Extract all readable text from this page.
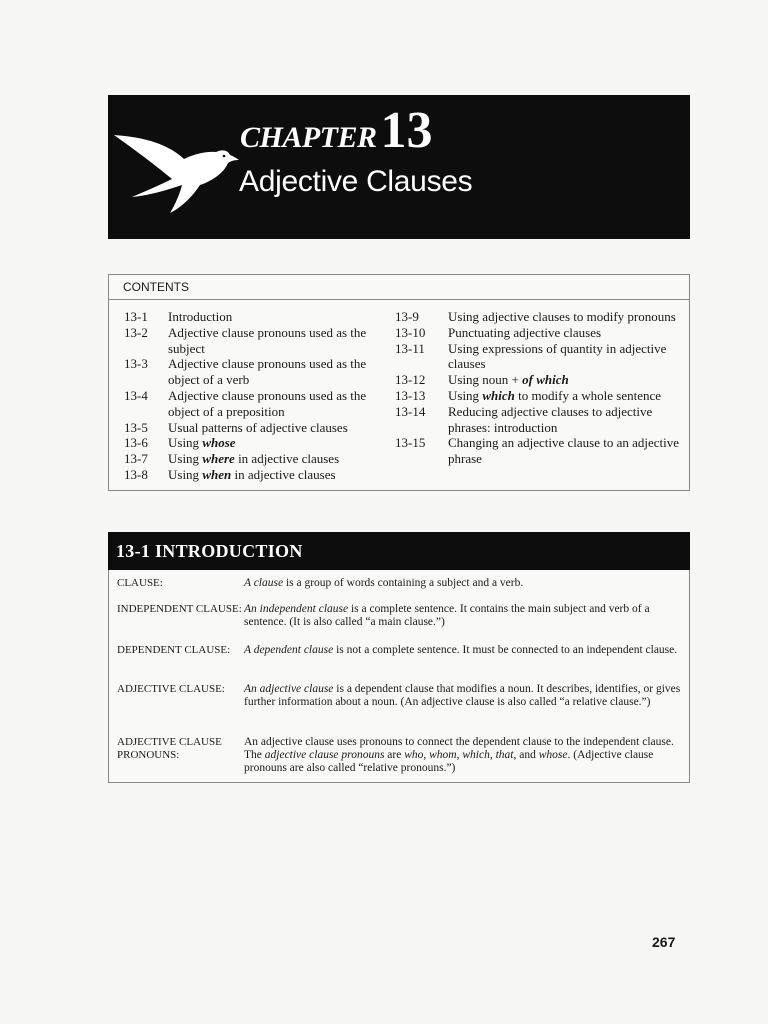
CHAPTER13
Adjective Clauses
CONTENTS
13-1	Introduction
13-2	Adjective clause pronouns used as the subject
13-3	Adjective clause pronouns used as the object of a verb
13-4	Adjective clause pronouns used as the object of a preposition
13-5	Usual patterns of adjective clauses
13-6	Using whose
13-7	Using where in adjective clauses
13-8	Using when in adjective clauses
13-9	Using adjective clauses to modify pronouns
13-10	Punctuating adjective clauses
13-11	Using expressions of quantity in adjective clauses
13-12	Using noun + of which
13-13	Using which to modify a whole sentence
13-14	Reducing adjective clauses to adjective phrases: introduction
13-15	Changing an adjective clause to an adjective phrase
13-1 INTRODUCTION
CLAUSE:	A clause is a group of words containing a subject and a verb.
INDEPENDENT CLAUSE: An independent clause is a complete sentence. It contains the main subject and verb of a sentence. (It is also called “a main clause.”)
DEPENDENT CLAUSE:	A dependent clause is not a complete sentence. It must be connected to an independent clause.
ADJECTIVE CLAUSE:	An adjective clause is a dependent clause that modifies a noun. It describes, identifies, or gives further information about a noun. (An adjective clause is also called “a relative clause.”)
ADJECTIVE CLAUSE PRONOUNS:
An adjective clause uses pronouns to connect the dependent clause to the independent clause. The adjective clause pronouns are who, whom, which, that, and whose. (Adjective clause pronouns are also called “relative pronouns.”)
267
